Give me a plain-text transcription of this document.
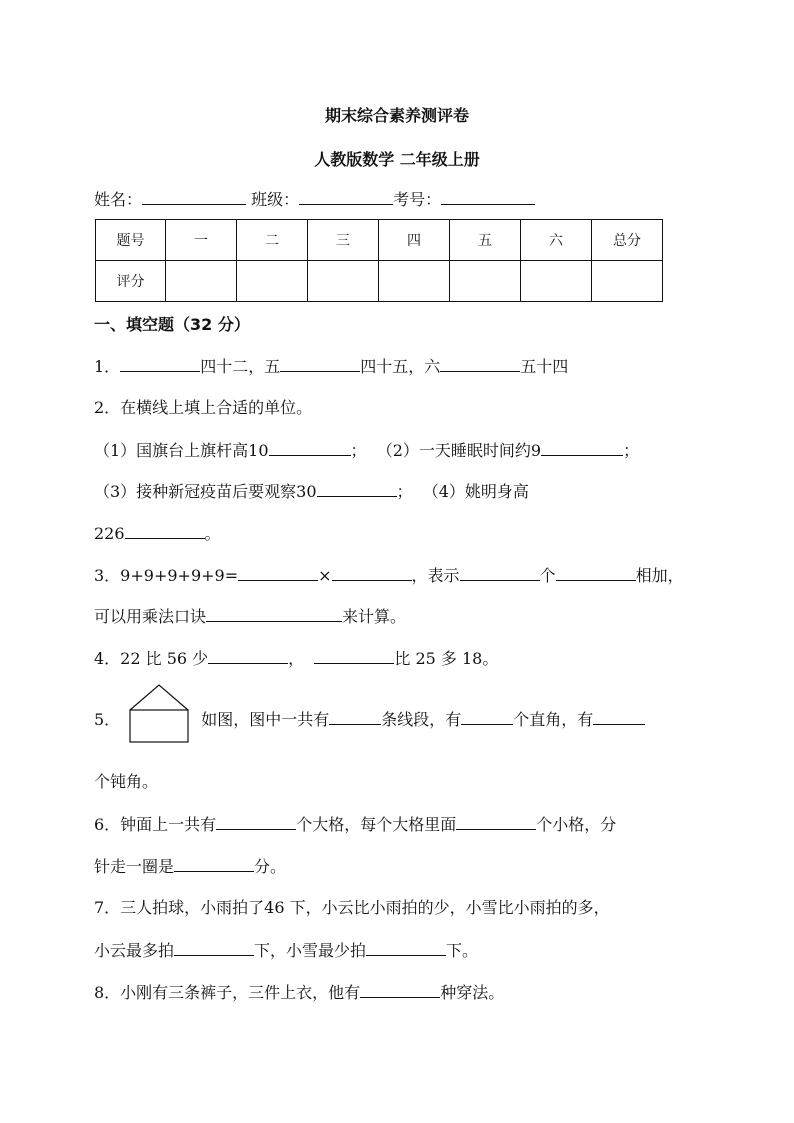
期末综合素养测评卷
人教版数学 二年级上册
姓名：	班级：	考号：
题号	一	二	三	四	五	六	总分
评分							
一、填空题（32 分）
1．	四十二，五	四十五，六	五十四
2．在横线上填上合适的单位。
（1）国旗台上旗杆高10	； （2）一天睡眠时间约9	；
（3）接种新冠疫苗后要观察30	； （4）姚明身高
226	。
3．9+9+9+9+9=	×	，表示	个	相加，
可以用乘法口诀	来计算。
4．22 比 56 少	，	比 25 多 18。
5．	如图，图中一共有	条线段，有	个直角，有
个钝角。
6．钟面上一共有	个大格，每个大格里面	个小格，分
针走一圈是	分。
7．三人拍球，小雨拍了46 下，小云比小雨拍的少，小雪比小雨拍的多，
小云最多拍	下，小雪最少拍	下。
8．小刚有三条裤子，三件上衣，他有	种穿法。
